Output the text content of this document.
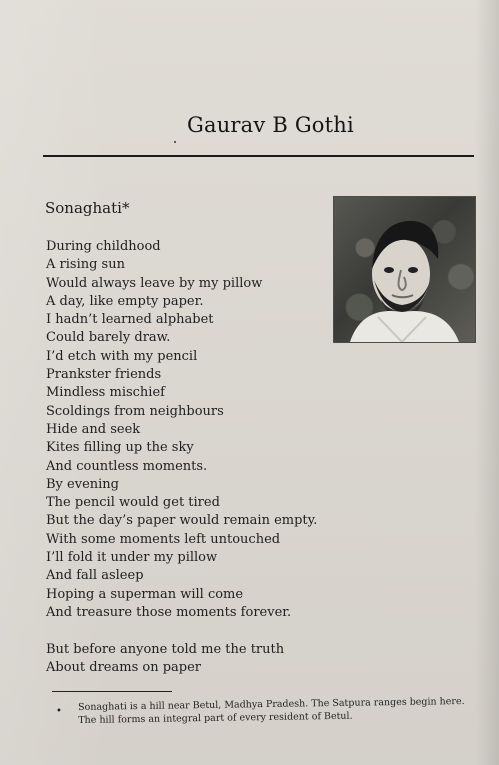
Gaurav B Gothi
Sonaghati*
During childhood
A rising sun
Would always leave by my pillow
A day, like empty paper.
I hadn’t learned alphabet
Could barely draw.
I’d etch with my pencil
Prankster friends
Mindless mischief
Scoldings from neighbours
Hide and seek
Kites filling up the sky
And countless moments.
By evening
The pencil would get tired
But the day’s paper would remain empty.
With some moments left untouched
I’ll fold it under my pillow
And fall asleep
Hoping a superman will come
And treasure those moments forever.
But before anyone told me the truth
About dreams on paper
• Sonaghati is a hill near Betul, Madhya Pradesh. The Satpura ranges begin here. The hill forms an integral part of every resident of Betul.
